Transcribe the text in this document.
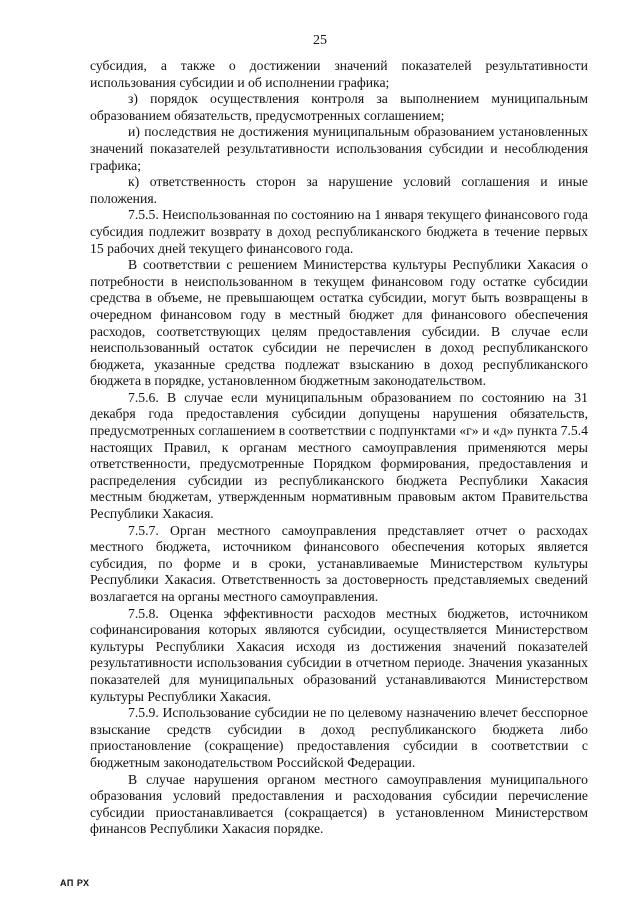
25

субсидия, а также о достижении значений показателей результативности использования субсидии и об исполнении графика;

з) порядок осуществления контроля за выполнением муниципальным образованием обязательств, предусмотренных соглашением;

и) последствия не достижения муниципальным образованием установленных значений показателей результативности использования субсидии и несоблюдения графика;

к) ответственность сторон за нарушение условий соглашения и иные положения.

7.5.5. Неиспользованная по состоянию на 1 января текущего финансового года субсидия подлежит возврату в доход республиканского бюджета в течение первых 15 рабочих дней текущего финансового года.

В соответствии с решением Министерства культуры Республики Хакасия о потребности в неиспользованном в текущем финансовом году остатке субсидии средства в объеме, не превышающем остатка субсидии, могут быть возвращены в очередном финансовом году в местный бюджет для финансового обеспечения расходов, соответствующих целям предоставления субсидии. В случае если неиспользованный остаток субсидии не перечислен в доход республиканского бюджета, указанные средства подлежат взысканию в доход республиканского бюджета в порядке, установленном бюджетным законодательством.

7.5.6. В случае если муниципальным образованием по состоянию на 31 декабря года предоставления субсидии допущены нарушения обязательств, предусмотренных соглашением в соответствии с подпунктами «г» и «д» пункта 7.5.4 настоящих Правил, к органам местного самоуправления применяются меры ответственности, предусмотренные Порядком формирования, предоставления и распределения субсидии из республиканского бюджета Республики Хакасия местным бюджетам, утвержденным нормативным правовым актом Правительства Республики Хакасия.

7.5.7. Орган местного самоуправления представляет отчет о расходах местного бюджета, источником финансового обеспечения которых является субсидия, по форме и в сроки, устанавливаемые Министерством культуры Республики Хакасия. Ответственность за достоверность представляемых сведений возлагается на органы местного самоуправления.

7.5.8. Оценка эффективности расходов местных бюджетов, источником софинансирования которых являются субсидии, осуществляется Министерством культуры Республики Хакасия исходя из достижения значений показателей результативности использования субсидии в отчетном периоде. Значения указанных показателей для муниципальных образований устанавливаются Министерством культуры Республики Хакасия.

7.5.9. Использование субсидии не по целевому назначению влечет бесспорное взыскание средств субсидии в доход республиканского бюджета либо приостановление (сокращение) предоставления субсидии в соответствии с бюджетным законодательством Российской Федерации.

В случае нарушения органом местного самоуправления муниципального образования условий предоставления и расходования субсидии перечисление субсидии приостанавливается (сокращается) в установленном Министерством финансов Республики Хакасия порядке.

АП РХ
